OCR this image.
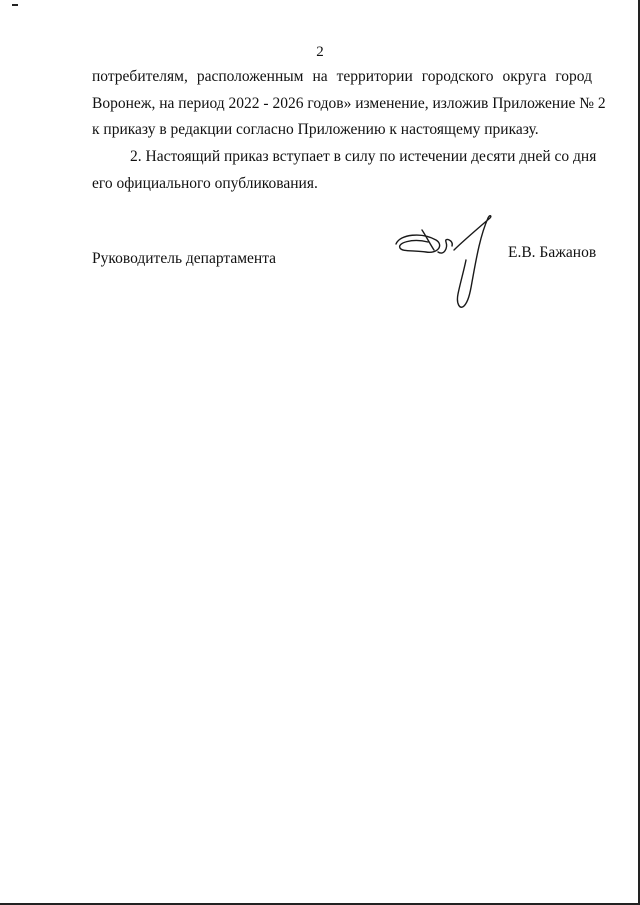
2
потребителям, расположенным на территории городского округа город
Воронеж, на период 2022 - 2026 годов» изменение, изложив Приложение № 2
к приказу в редакции согласно Приложению к настоящему приказу.
2. Настоящий приказ вступает в силу по истечении десяти дней со дня
его официального опубликования.
Руководитель департамента	Е.В. Бажанов
